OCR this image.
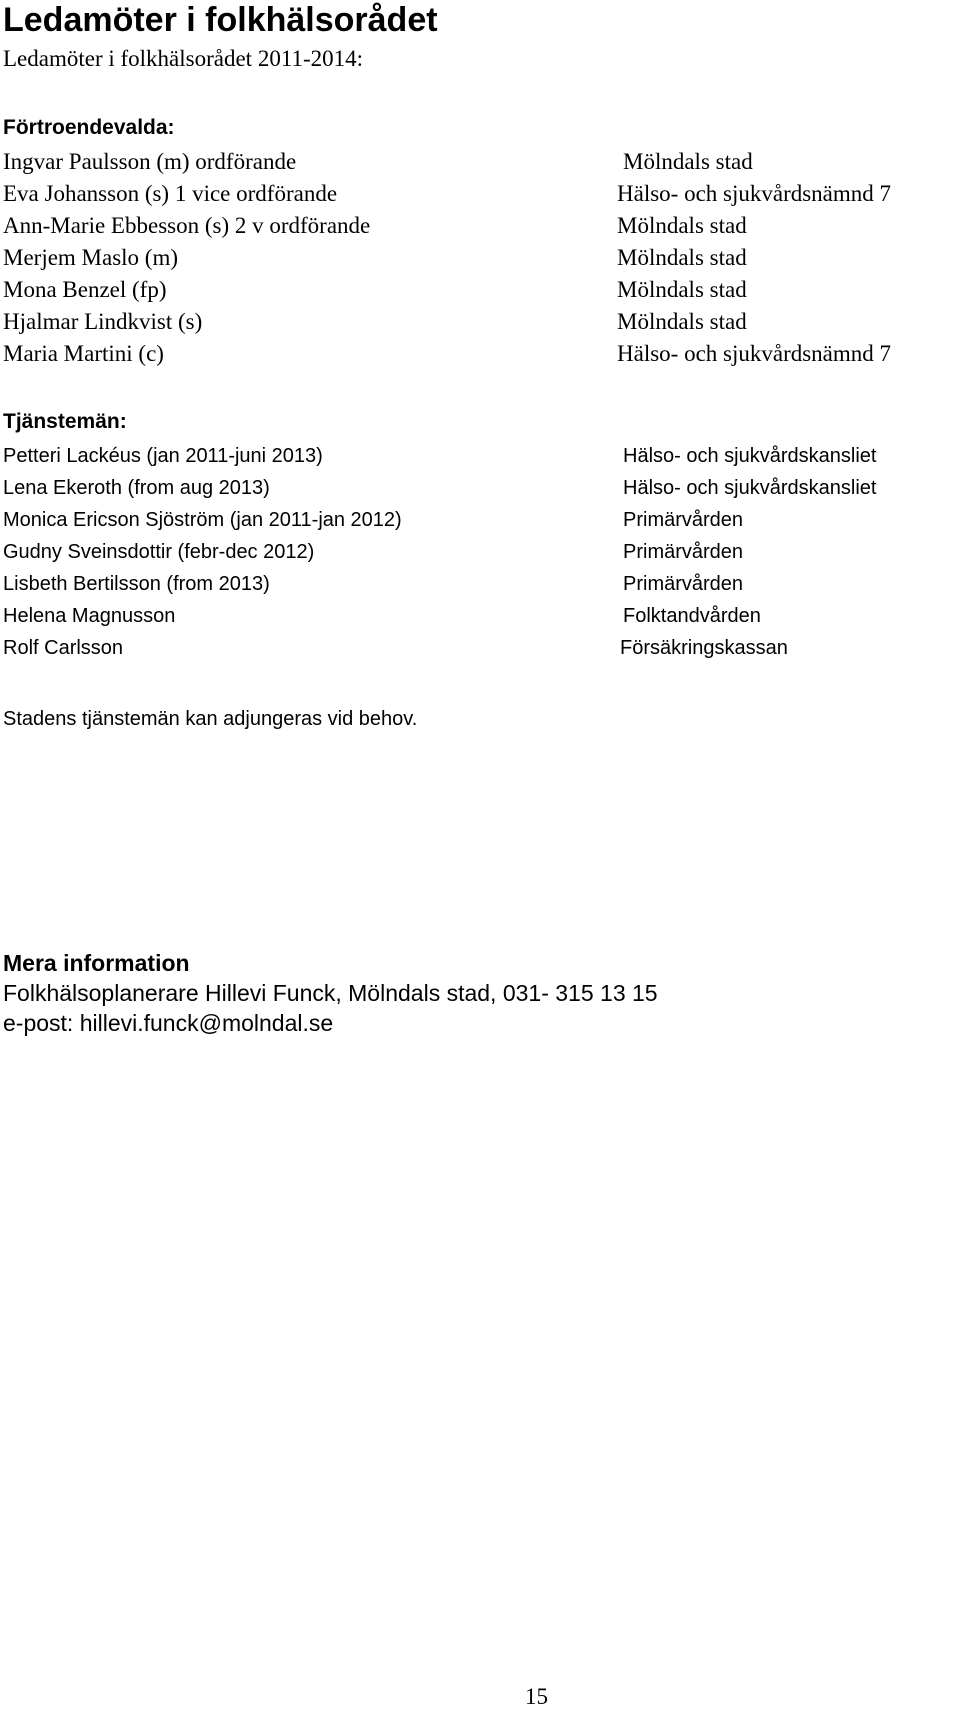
Ledamöter i folkhälsorådet

Ledamöter i folkhälsorådet 2011-2014:

Förtroendevalda:

Ingvar Paulsson (m) ordförande	Mölndals stad
Eva Johansson (s) 1 vice ordförande	Hälso- och sjukvårdsnämnd 7
Ann-Marie Ebbesson (s) 2 v ordförande	Mölndals stad
Merjem Maslo (m)	Mölndals stad
Mona Benzel (fp)	Mölndals stad
Hjalmar Lindkvist (s)	Mölndals stad
Maria Martini (c)	Hälso- och sjukvårdsnämnd 7

Tjänstemän:

Petteri Lackéus (jan 2011-juni 2013)	Hälso- och sjukvårdskansliet
Lena Ekeroth (from aug 2013)	Hälso- och sjukvårdskansliet
Monica Ericson Sjöström (jan 2011-jan 2012)	Primärvården
Gudny Sveinsdottir (febr-dec 2012)	Primärvården
Lisbeth Bertilsson (from 2013)	Primärvården
Helena Magnusson	Folktandvården
Rolf Carlsson	Försäkringskassan

Stadens tjänstemän kan adjungeras vid behov.

Mera information

Folkhälsoplanerare Hillevi Funck, Mölndals stad, 031- 315 13 15

e-post: hillevi.funck@molndal.se

15
